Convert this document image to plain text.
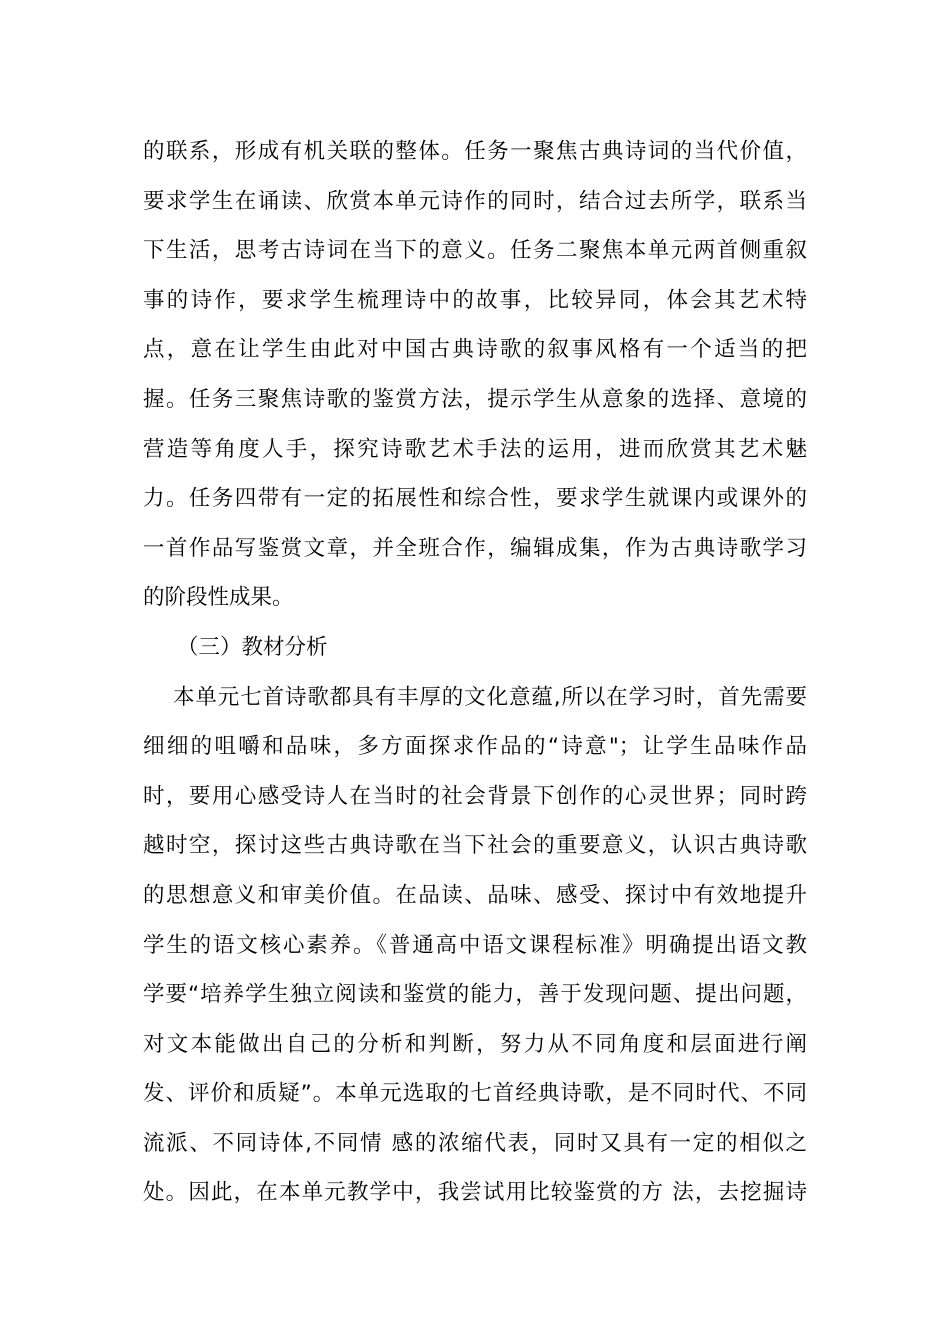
的联系，形成有机关联的整体。任务一聚焦古典诗词的当代价值，
要求学生在诵读、欣赏本单元诗作的同时，结合过去所学，联系当
下生活，思考古诗词在当下的意义。任务二聚焦本单元两首侧重叙
事的诗作，要求学生梳理诗中的故事，比较异同，体会其艺术特
点，意在让学生由此对中国古典诗歌的叙事风格有一个适当的把
握。任务三聚焦诗歌的鉴赏方法，提示学生从意象的选择、意境的
营造等角度人手，探究诗歌艺术手法的运用，进而欣赏其艺术魅
力。任务四带有一定的拓展性和综合性，要求学生就课内或课外的
一首作品写鉴赏文章，并全班合作，编辑成集，作为古典诗歌学习
的阶段性成果。
（三）教材分析
本单元七首诗歌都具有丰厚的文化意蕴,所以在学习时，首先需要
细细的咀嚼和品味，多方面探求作品的“诗意"；让学生品味作品
时，要用心感受诗人在当时的社会背景下创作的心灵世界；同时跨
越时空，探讨这些古典诗歌在当下社会的重要意义，认识古典诗歌
的思想意义和审美价值。在品读、品味、感受、探讨中有效地提升
学生的语文核心素养。《普通高中语文课程标准》明确提出语文教
学要“培养学生独立阅读和鉴赏的能力，善于发现问题、提出问题，
对文本能做出自己的分析和判断，努力从不同角度和层面进行阐
发、评价和质疑”。本单元选取的七首经典诗歌，是不同时代、不同
流派、不同诗体,不同情 感的浓缩代表，同时又具有一定的相似之
处。因此，在本单元教学中，我尝试用比较鉴赏的方 法，去挖掘诗
